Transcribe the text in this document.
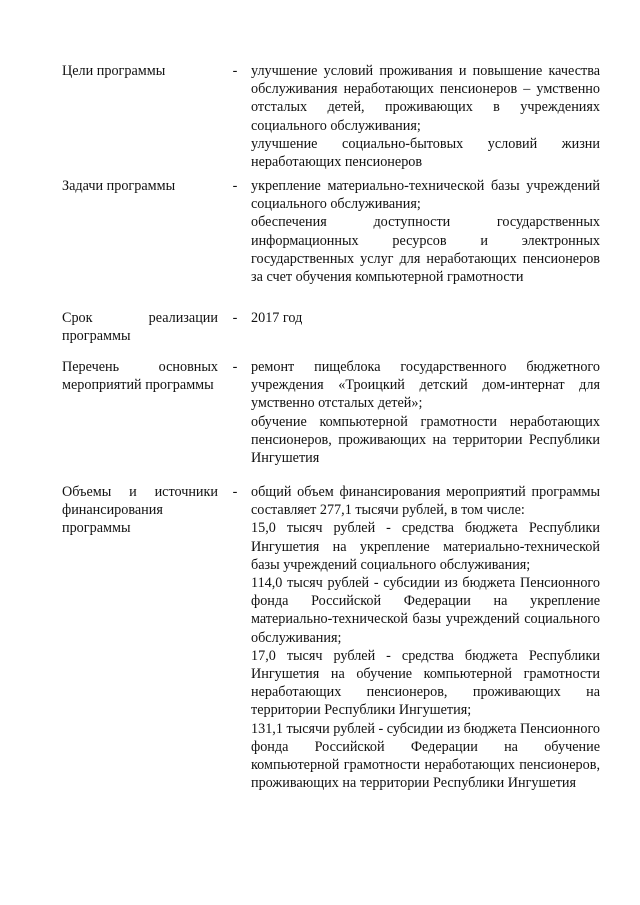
Цели программы	- улучшение условий проживания и повышение качества обслуживания неработающих пенсионеров – умственно отсталых детей, проживающих в учреждениях социального обслуживания;

улучшение социально-бытовых условий жизни неработающих пенсионеров

Задачи программы	- укрепление материально-технической базы учреждений социального обслуживания;

обеспечения доступности государственных информационных ресурсов и электронных государственных услуг для неработающих пенсионеров за счет обучения компьютерной грамотности

Срок реализации программы
- 2017 год

Перечень основных мероприятий программы
- ремонт пищеблока государственного бюджетного учреждения «Троицкий детский дом-интернат для умственно отсталых детей»;

обучение компьютерной грамотности неработающих пенсионеров, проживающих на территории Республики Ингушетия

Объемы и источники финансирования программы
- общий объем финансирования мероприятий программы составляет 277,1 тысячи рублей, в том числе:

15,0 тысяч рублей - средства бюджета Республики Ингушетия на укрепление материально-технической базы учреждений социального обслуживания;

114,0 тысяч рублей - субсидии из бюджета Пенсионного фонда Российской Федерации на укрепление материально-технической базы учреждений социального обслуживания;

17,0 тысяч рублей - средства бюджета Республики Ингушетия на обучение компьютерной грамотности неработающих пенсионеров, проживающих на территории Республики Ингушетия;

131,1 тысячи рублей - субсидии из бюджета Пенсионного фонда Российской Федерации на обучение компьютерной грамотности неработающих пенсионеров, проживающих на территории Республики Ингушетия
